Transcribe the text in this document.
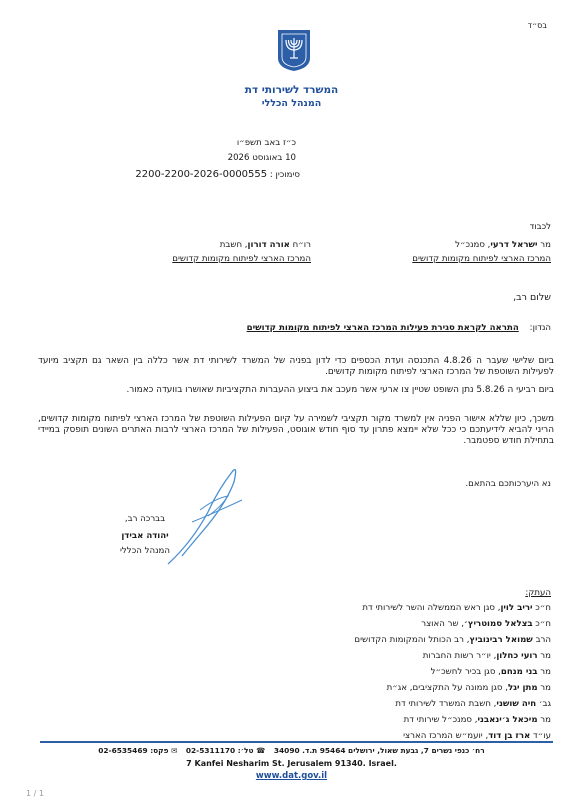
בס״ד
המשרד לשירותי דת
המנהל הכללי
כ״ז באב תשפ״ו
10 באוגוסט 2026
2200-2200-2026-0000555 סימוכין :
לכבוד
מר ישראל דרעי, סמנכ״ל
המרכז הארצי לפיתוח מקומות קדושים
רו״ח אורה דורון, חשבת
המרכז הארצי לפיתוח מקומות קדושים
שלום רב,
הנדון:    התראה לקראת סגירת פעילות המרכז הארצי לפיתוח מקומות קדושים
ביום שלישי שעבר ה 4.8.26 התכנסה ועדת הכספים כדי לדון בפניה של המשרד לשירותי דת אשר כללה בין השאר גם תקציב מיועד לפעילות השוטפת של המרכז הארצי לפיתוח מקומות קדושים.
ביום רביעי ה 5.8.26 נתן השופט שטיין צו ארעי אשר מעכב את ביצוע ההעברות התקציביות שאושרו בוועדה כאמור.
משכך, כיון שללא אישור הפניה אין למשרד מקור תקציבי לשמירה על קיום הפעילות השוטפת של המרכז הארצי לפיתוח מקומות קדושים, הריני להביא לידיעתכם כי ככל שלא יימצא פתרון עד סוף חודש אוגוסט, הפעילות של המרכז הארצי לרבות האתרים השונים תופסק במיידי בתחילת חודש ספטמבר.
נא היערכותכם בהתאם.
בברכה רב,
יהודה אבידן
המנהל הכללי
העתק:
ח״כ יריב לוין, סגן ראש הממשלה והשר לשירותי דת
ח״כ בצלאל סמוטריץ׳, שר האוצר
הרב שמואל רבינוביץ, רב הכותל והמקומות הקדושים
מר רועי כחלון, יו״ר רשות החברות
מר בני מנחם, סגן בכיר לחשכ״ל
מר מתן יגל, סגן ממונה על התקציבים, אג״ת
גב׳ חיה שושני, חשבת המשרד לשירותי דת
מר מיכאל ג׳ינאבני, סמנכ״ל שירותי דת
עו״ד ארז בן דוד, יועמ״ש המרכז הארצי
רח׳ כנפי נשרים 7, גבעת שאול, ירושלים 95464 ת.ד. 34090 ☎ טל׳: 02-5311170 ✉ פקס: 02-6535469
7 Kanfei Nesharim St. Jerusalem 91340. Israel.
www.dat.gov.il
1 / 1
